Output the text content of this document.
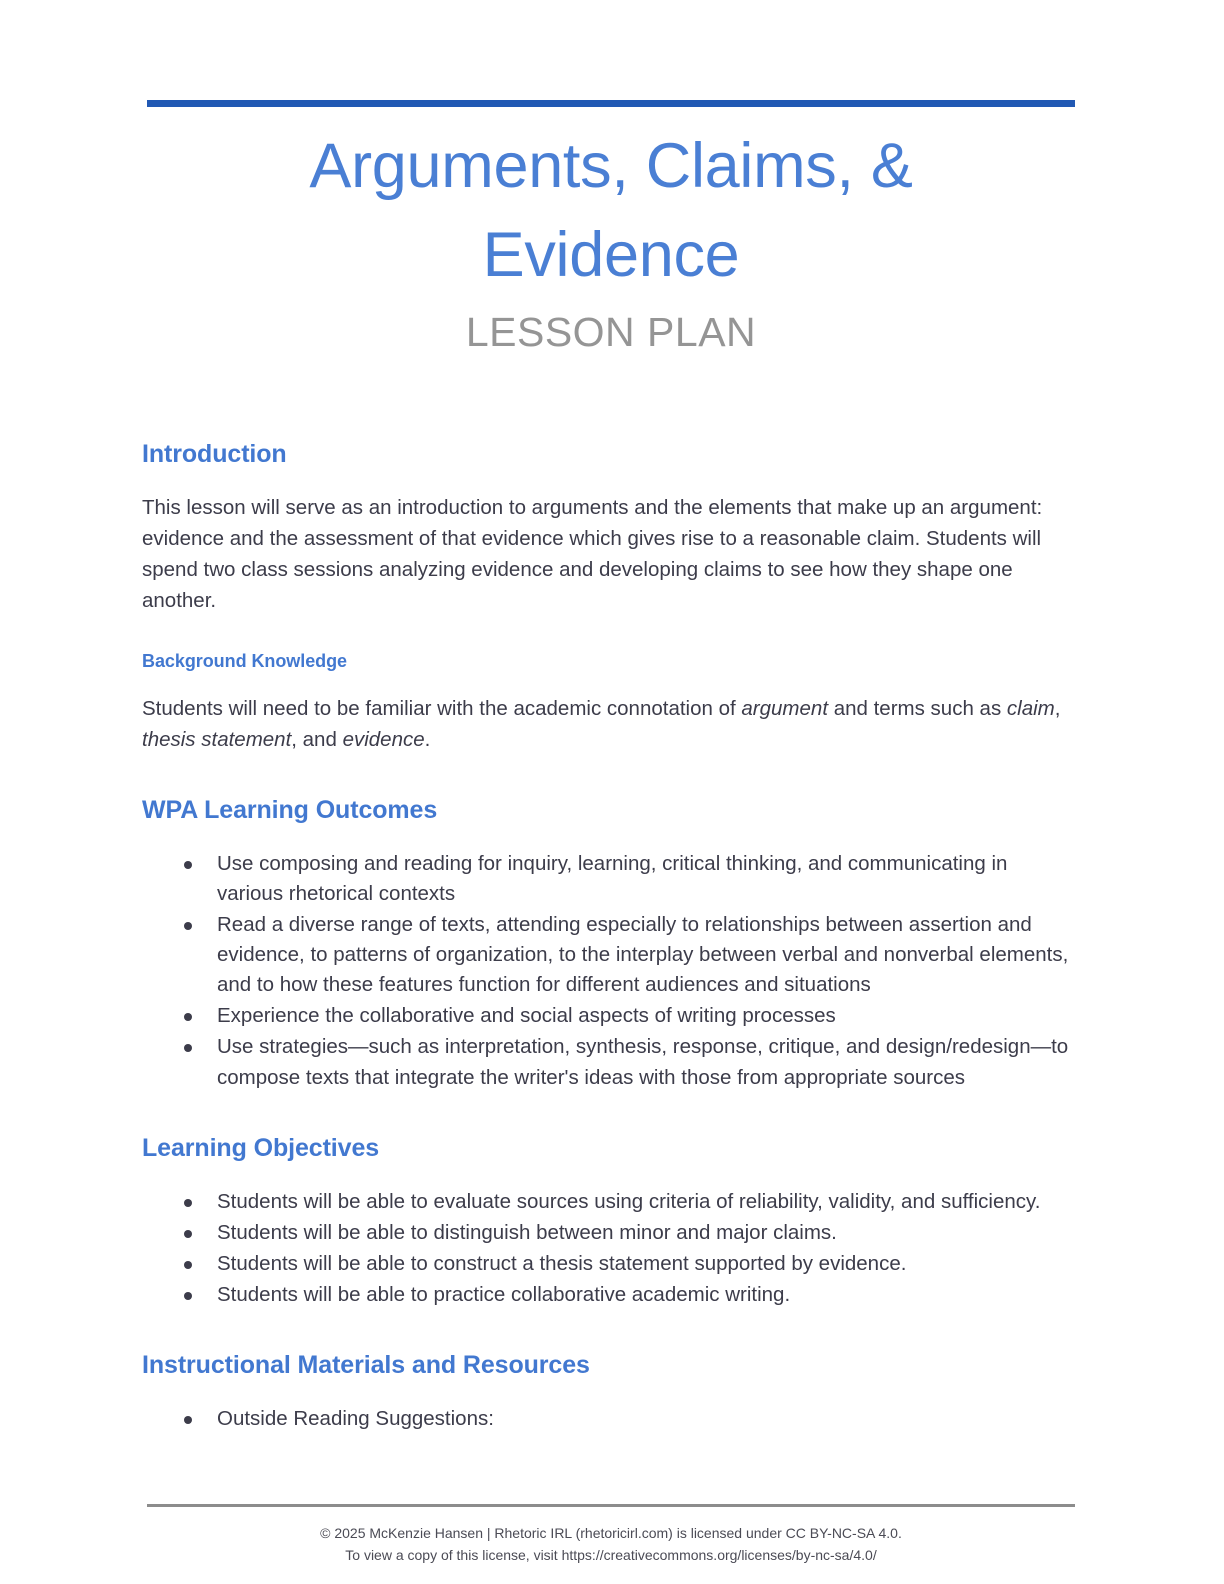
Arguments, Claims, & Evidence
LESSON PLAN
Introduction

This lesson will serve as an introduction to arguments and the elements that make up an argument: evidence and the assessment of that evidence which gives rise to a reasonable claim. Students will spend two class sessions analyzing evidence and developing claims to see how they shape one another.

Background Knowledge

Students will need to be familiar with the academic connotation of argument and terms such as claim, thesis statement, and evidence.

WPA Learning Outcomes
Use composing and reading for inquiry, learning, critical thinking, and communicating in various rhetorical contexts
Read a diverse range of texts, attending especially to relationships between assertion and evidence, to patterns of organization, to the interplay between verbal and nonverbal elements, and to how these features function for different audiences and situations
Experience the collaborative and social aspects of writing processes
Use strategies—such as interpretation, synthesis, response, critique, and design/redesign—to compose texts that integrate the writer's ideas with those from appropriate sources
Learning Objectives
Students will be able to evaluate sources using criteria of reliability, validity, and sufficiency.
Students will be able to distinguish between minor and major claims.
Students will be able to construct a thesis statement supported by evidence.
Students will be able to practice collaborative academic writing.
Instructional Materials and Resources
Outside Reading Suggestions:

© 2025 McKenzie Hansen | Rhetoric IRL (rhetoricirl.com) is licensed under CC BY-NC-SA 4.0.

To view a copy of this license, visit https://creativecommons.org/licenses/by-nc-sa/4.0/
